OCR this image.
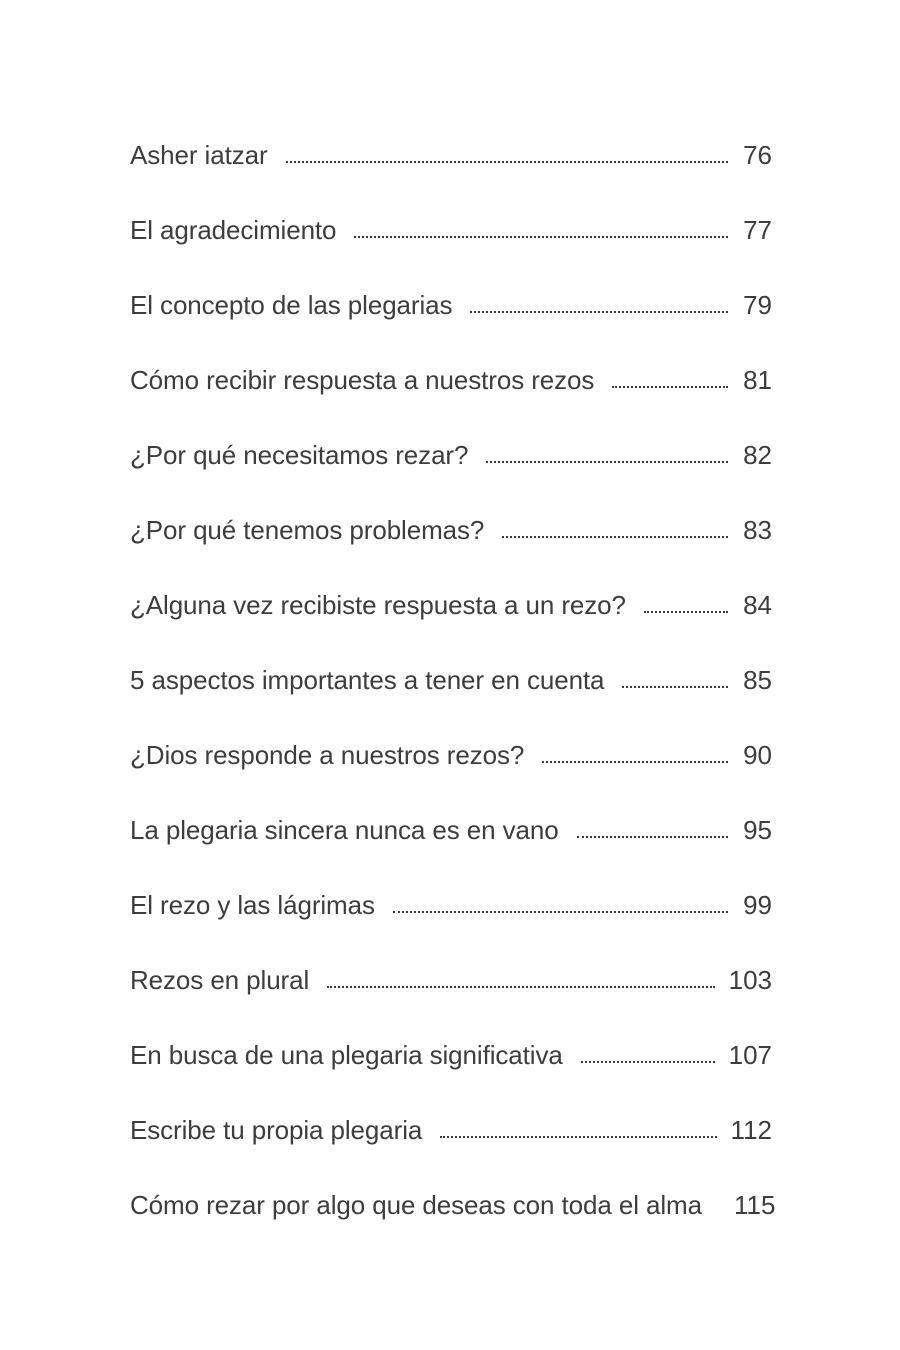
Asher iatzar	76
El agradecimiento	77
El concepto de las plegarias	79
Cómo recibir respuesta a nuestros rezos	81
¿Por qué necesitamos rezar?	82
¿Por qué tenemos problemas?	83
¿Alguna vez recibiste respuesta a un rezo?	84
5 aspectos importantes a tener en cuenta	85
¿Dios responde a nuestros rezos?	90
La plegaria sincera nunca es en vano	95
El rezo y las lágrimas	99
Rezos en plural	103
En busca de una plegaria significativa	107
Escribe tu propia plegaria	112
Cómo rezar por algo que deseas con toda el alma 115
